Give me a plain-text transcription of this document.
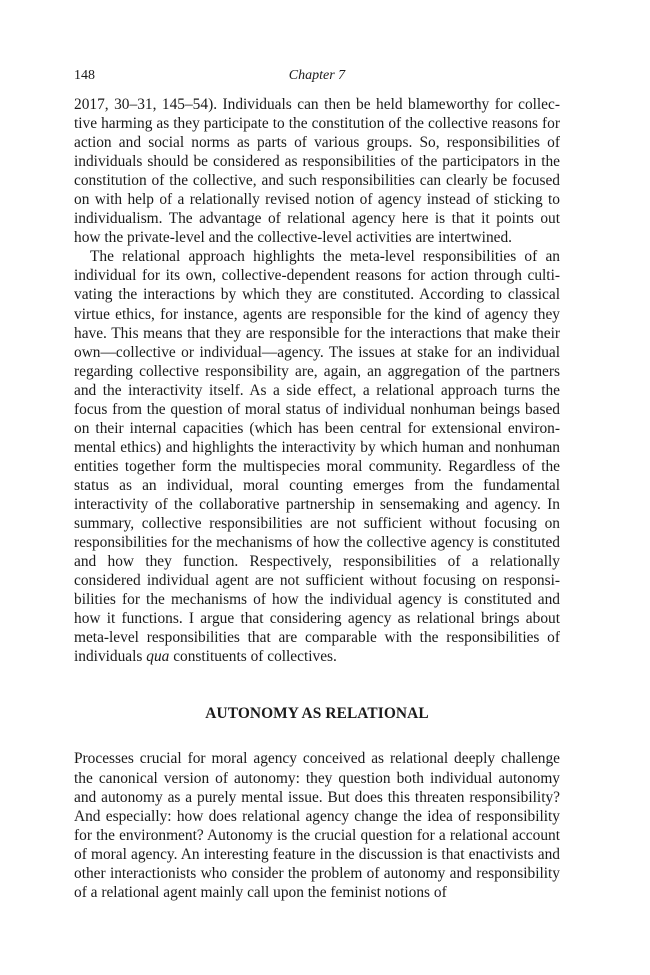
148	Chapter 7

2017, 30–31, 145–54). Individuals can then be held blameworthy for collective harming as they participate to the constitution of the collective reasons for action and social norms as parts of various groups. So, responsibilities of individuals should be considered as responsibilities of the participators in the constitution of the collective, and such responsibilities can clearly be focused on with help of a relationally revised notion of agency instead of sticking to individualism. The advantage of relational agency here is that it points out how the private-level and the collective-level activities are intertwined.

The relational approach highlights the meta-level responsibilities of an individual for its own, collective-dependent reasons for action through cultivating the interactions by which they are constituted. According to classical virtue ethics, for instance, agents are responsible for the kind of agency they have. This means that they are responsible for the interactions that make their own—collective or individual—agency. The issues at stake for an individual regarding collective responsibility are, again, an aggregation of the partners and the interactivity itself. As a side effect, a relational approach turns the focus from the question of moral status of individual nonhuman beings based on their internal capacities (which has been central for extensional environmental ethics) and highlights the interactivity by which human and nonhuman entities together form the multispecies moral community. Regardless of the status as an individual, moral counting emerges from the fundamental interactivity of the collaborative partnership in sensemaking and agency. In summary, collective responsibilities are not sufficient without focusing on responsibilities for the mechanisms of how the collective agency is constituted and how they function. Respectively, responsibilities of a relationally considered individual agent are not sufficient without focusing on responsibilities for the mechanisms of how the individual agency is constituted and how it functions. I argue that considering agency as relational brings about meta-level responsibilities that are comparable with the responsibilities of individuals qua constituents of collectives.

AUTONOMY AS RELATIONAL

Processes crucial for moral agency conceived as relational deeply challenge the canonical version of autonomy: they question both individual autonomy and autonomy as a purely mental issue. But does this threaten responsibility? And especially: how does relational agency change the idea of responsibility for the environment? Autonomy is the crucial question for a relational account of moral agency. An interesting feature in the discussion is that enactivists and other interactionists who consider the problem of autonomy and responsibility of a relational agent mainly call upon the feminist notions of
